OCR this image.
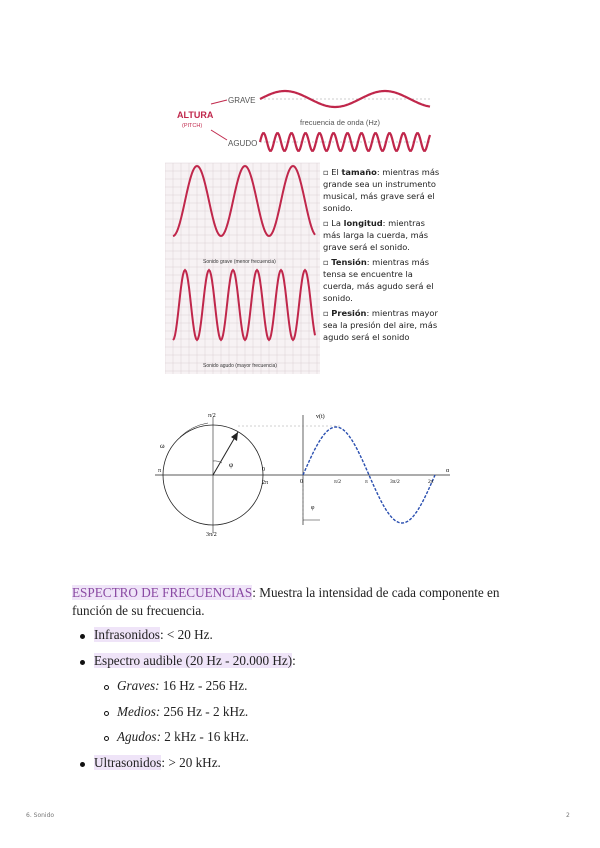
ALTURA
(PITCH)
GRAVE
AGUDO
frecuencia de onda (Hz)
Sonido grave (menor frecuencia)
Sonido agudo (mayor frecuencia)
▫ El tamaño: mientras más grande sea un instrumento musical, más grave será el sonido.
▫ La longitud: mientras más larga la cuerda, más grave será el sonido.
▫ Tensión: mientras más tensa se encuentre la cuerda, más agudo será el sonido.
▫ Presión: mientras mayor sea la presión del aire, más agudo será el sonido
π/2
3π/2
π	0
2π
ω
φ
v(t)
0	π/2	π	3π/2	2π
α
φ
ESPECTRO DE FRECUENCIAS: Muestra la intensidad de cada componente en función de su frecuencia.
Infrasonidos: < 20 Hz.
Espectro audible (20 Hz - 20.000 Hz):
Graves: 16 Hz - 256 Hz.
Medios: 256 Hz - 2 kHz.
Agudos: 2 kHz - 16 kHz.
Ultrasonidos: > 20 kHz.
6. Sonido	2
